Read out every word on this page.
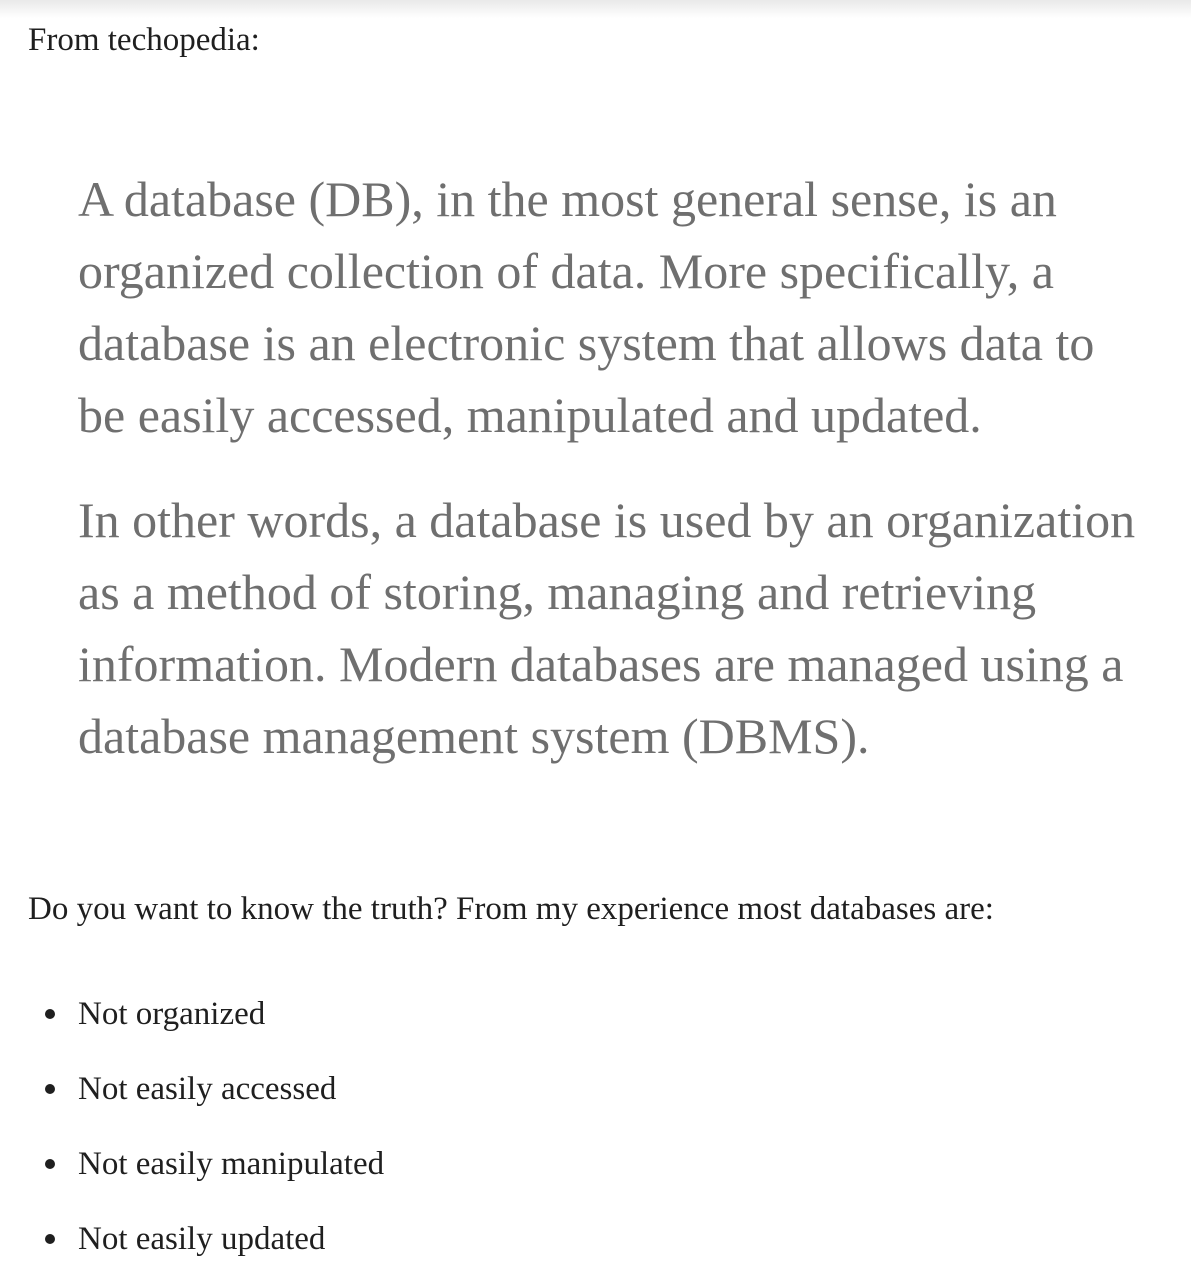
From techopedia:

A database (DB), in the most general sense, is an

organized collection of data. More specifically, a

database is an electronic system that allows data to

be easily accessed, manipulated and updated.

In other words, a database is used by an organization

as a method of storing, managing and retrieving

information. Modern databases are managed using a

database management system (DBMS).

Do you want to know the truth? From my experience most databases are:

Not organized
Not easily accessed
Not easily manipulated
Not easily updated
